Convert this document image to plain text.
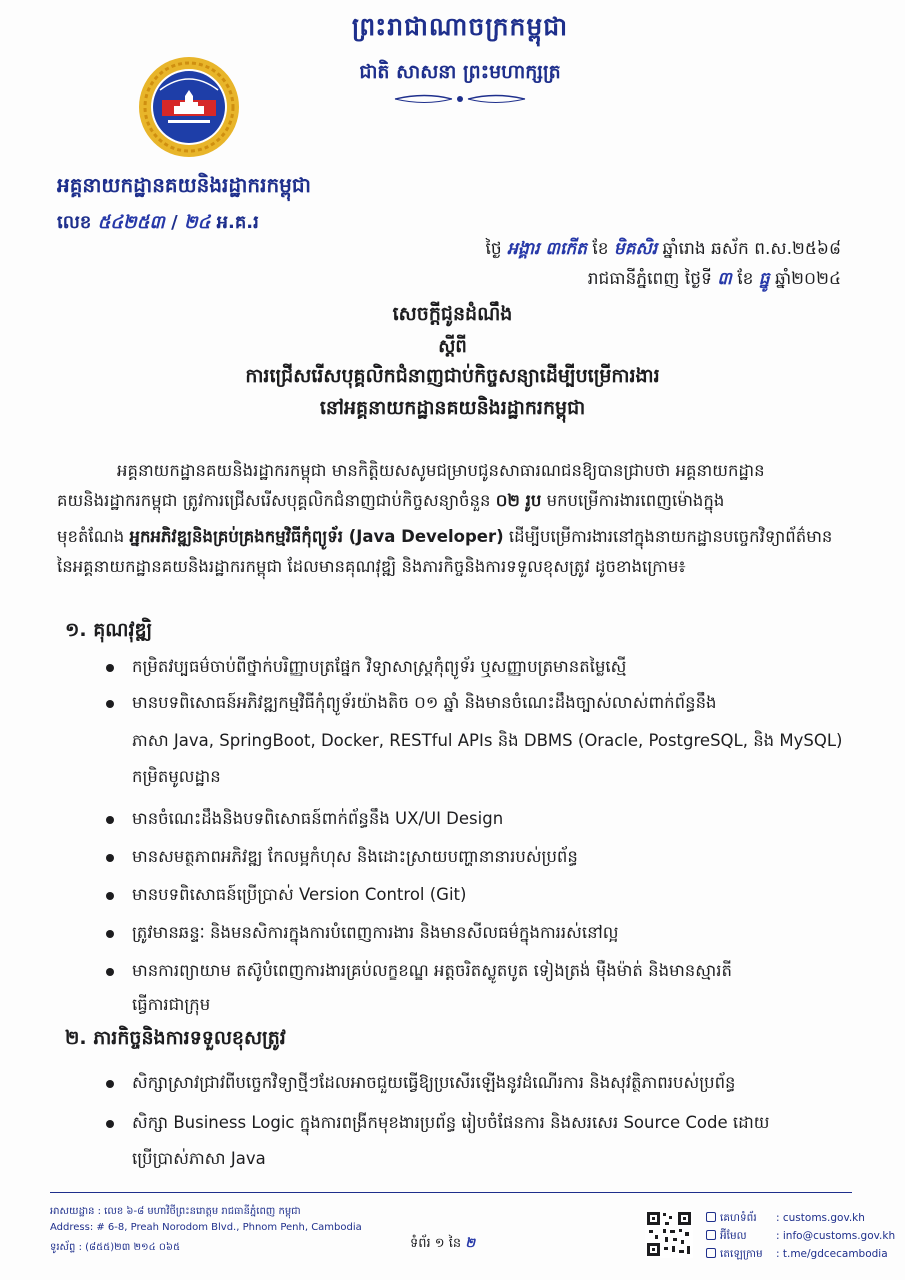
ព្រះរាជាណាចក្រកម្ពុជា
ជាតិ សាសនា ព្រះមហាក្សត្រ
អគ្គនាយកដ្ឋានគយនិងរដ្ឋាករកម្ពុជា
លេខ ៥៤២៥៣ / ២៤ អ.គ.រ
ថ្ងៃ អង្គារ ៣កើត ខែ មិគសិរ ឆ្នាំរោង ឆស័ក ព.ស.២៥៦៨
រាជធានីភ្នំពេញ ថ្ងៃទី ៣ ខែ ធ្នូ ឆ្នាំ២០២៤
សេចក្តីជូនដំណឹង
ស្តីពី
ការជ្រើសរើសបុគ្គលិកជំនាញជាប់កិច្ចសន្យាដើម្បីបម្រើការងារ
នៅអគ្គនាយកដ្ឋានគយនិងរដ្ឋាករកម្ពុជា
អគ្គនាយកដ្ឋានគយនិងរដ្ឋាករកម្ពុជា មានកិត្តិយសសូមជម្រាបជូនសាធារណជនឱ្យបានជ្រាបថា អគ្គនាយកដ្ឋាន
គយនិងរដ្ឋាករកម្ពុជា ត្រូវការជ្រើសរើសបុគ្គលិកជំនាញជាប់កិច្ចសន្យាចំនួន ០២ រូប មកបម្រើការងារពេញម៉ោងក្នុង
មុខតំណែង អ្នកអភិវឌ្ឍនិងគ្រប់គ្រងកម្មវិធីកុំព្យូទ័រ (Java Developer) ដើម្បីបម្រើការងារនៅក្នុងនាយកដ្ឋានបច្ចេកវិទ្យាព័ត៌មាន
នៃអគ្គនាយកដ្ឋានគយនិងរដ្ឋាករកម្ពុជា ដែលមានគុណវុឌ្ឍិ និងភារកិច្ចនិងការទទួលខុសត្រូវ ដូចខាងក្រោម៖
១. គុណវុឌ្ឍិ
កម្រិតវប្បធម៌ចាប់ពីថ្នាក់បរិញ្ញាបត្រផ្នែក វិទ្យាសាស្ត្រកុំព្យូទ័រ ឬសញ្ញាបត្រមានតម្លៃស្មើ
មានបទពិសោធន៍អភិវឌ្ឍកម្មវិធីកុំព្យូទ័រយ៉ាងតិច ០១ ឆ្នាំ និងមានចំណេះដឹងច្បាស់លាស់ពាក់ព័ន្ធនឹង
ភាសា Java, SpringBoot, Docker, RESTful APIs និង DBMS (Oracle, PostgreSQL, និង MySQL)
កម្រិតមូលដ្ឋាន
មានចំណេះដឹងនិងបទពិសោធន៍ពាក់ព័ន្ធនឹង UX/UI Design
មានសមត្ថភាពអភិវឌ្ឍ កែលម្អកំហុស និងដោះស្រាយបញ្ហានានារបស់ប្រព័ន្ធ
មានបទពិសោធន៍ប្រើប្រាស់ Version Control (Git)
ត្រូវមានឆន្ទៈ និងមនសិការក្នុងការបំពេញការងារ និងមានសីលធម៌ក្នុងការរស់នៅល្អ
មានការព្យាយាម តស៊ូបំពេញការងារគ្រប់លក្ខខណ្ឌ អត្តចរិតស្លូតបូត ទៀងត្រង់ ម៉ឺងម៉ាត់ និងមានស្មារតី
ធ្វើការជាក្រុម
២. ភារកិច្ចនិងការទទួលខុសត្រូវ
សិក្សាស្រាវជ្រាវពីបច្ចេកវិទ្យាថ្មីៗដែលអាចជួយធ្វើឱ្យប្រសើរឡើងនូវដំណើរការ និងសុវត្ថិភាពរបស់ប្រព័ន្ធ
សិក្សា Business Logic ក្នុងការពង្រីកមុខងារប្រព័ន្ធ រៀបចំផែនការ និងសរសេរ Source Code ដោយ
ប្រើប្រាស់ភាសា Java
អាសយដ្ឋាន : លេខ ៦-៨ មហាវិថីព្រះនរោត្តម រាជធានីភ្នំពេញ កម្ពុជា
Address: # 6-8, Preah Norodom Blvd., Phnom Penh, Cambodia
ទូរស័ព្ទ : (៨៥៥)២៣ ២១៤ ០៦៥	ទំព័រ ១ នៃ ២
គេហទំព័រ : customs.gov.kh
អ៊ីមែល	: info@customs.gov.kh
តេឡេក្រាម : t.me/gdcecambodia
